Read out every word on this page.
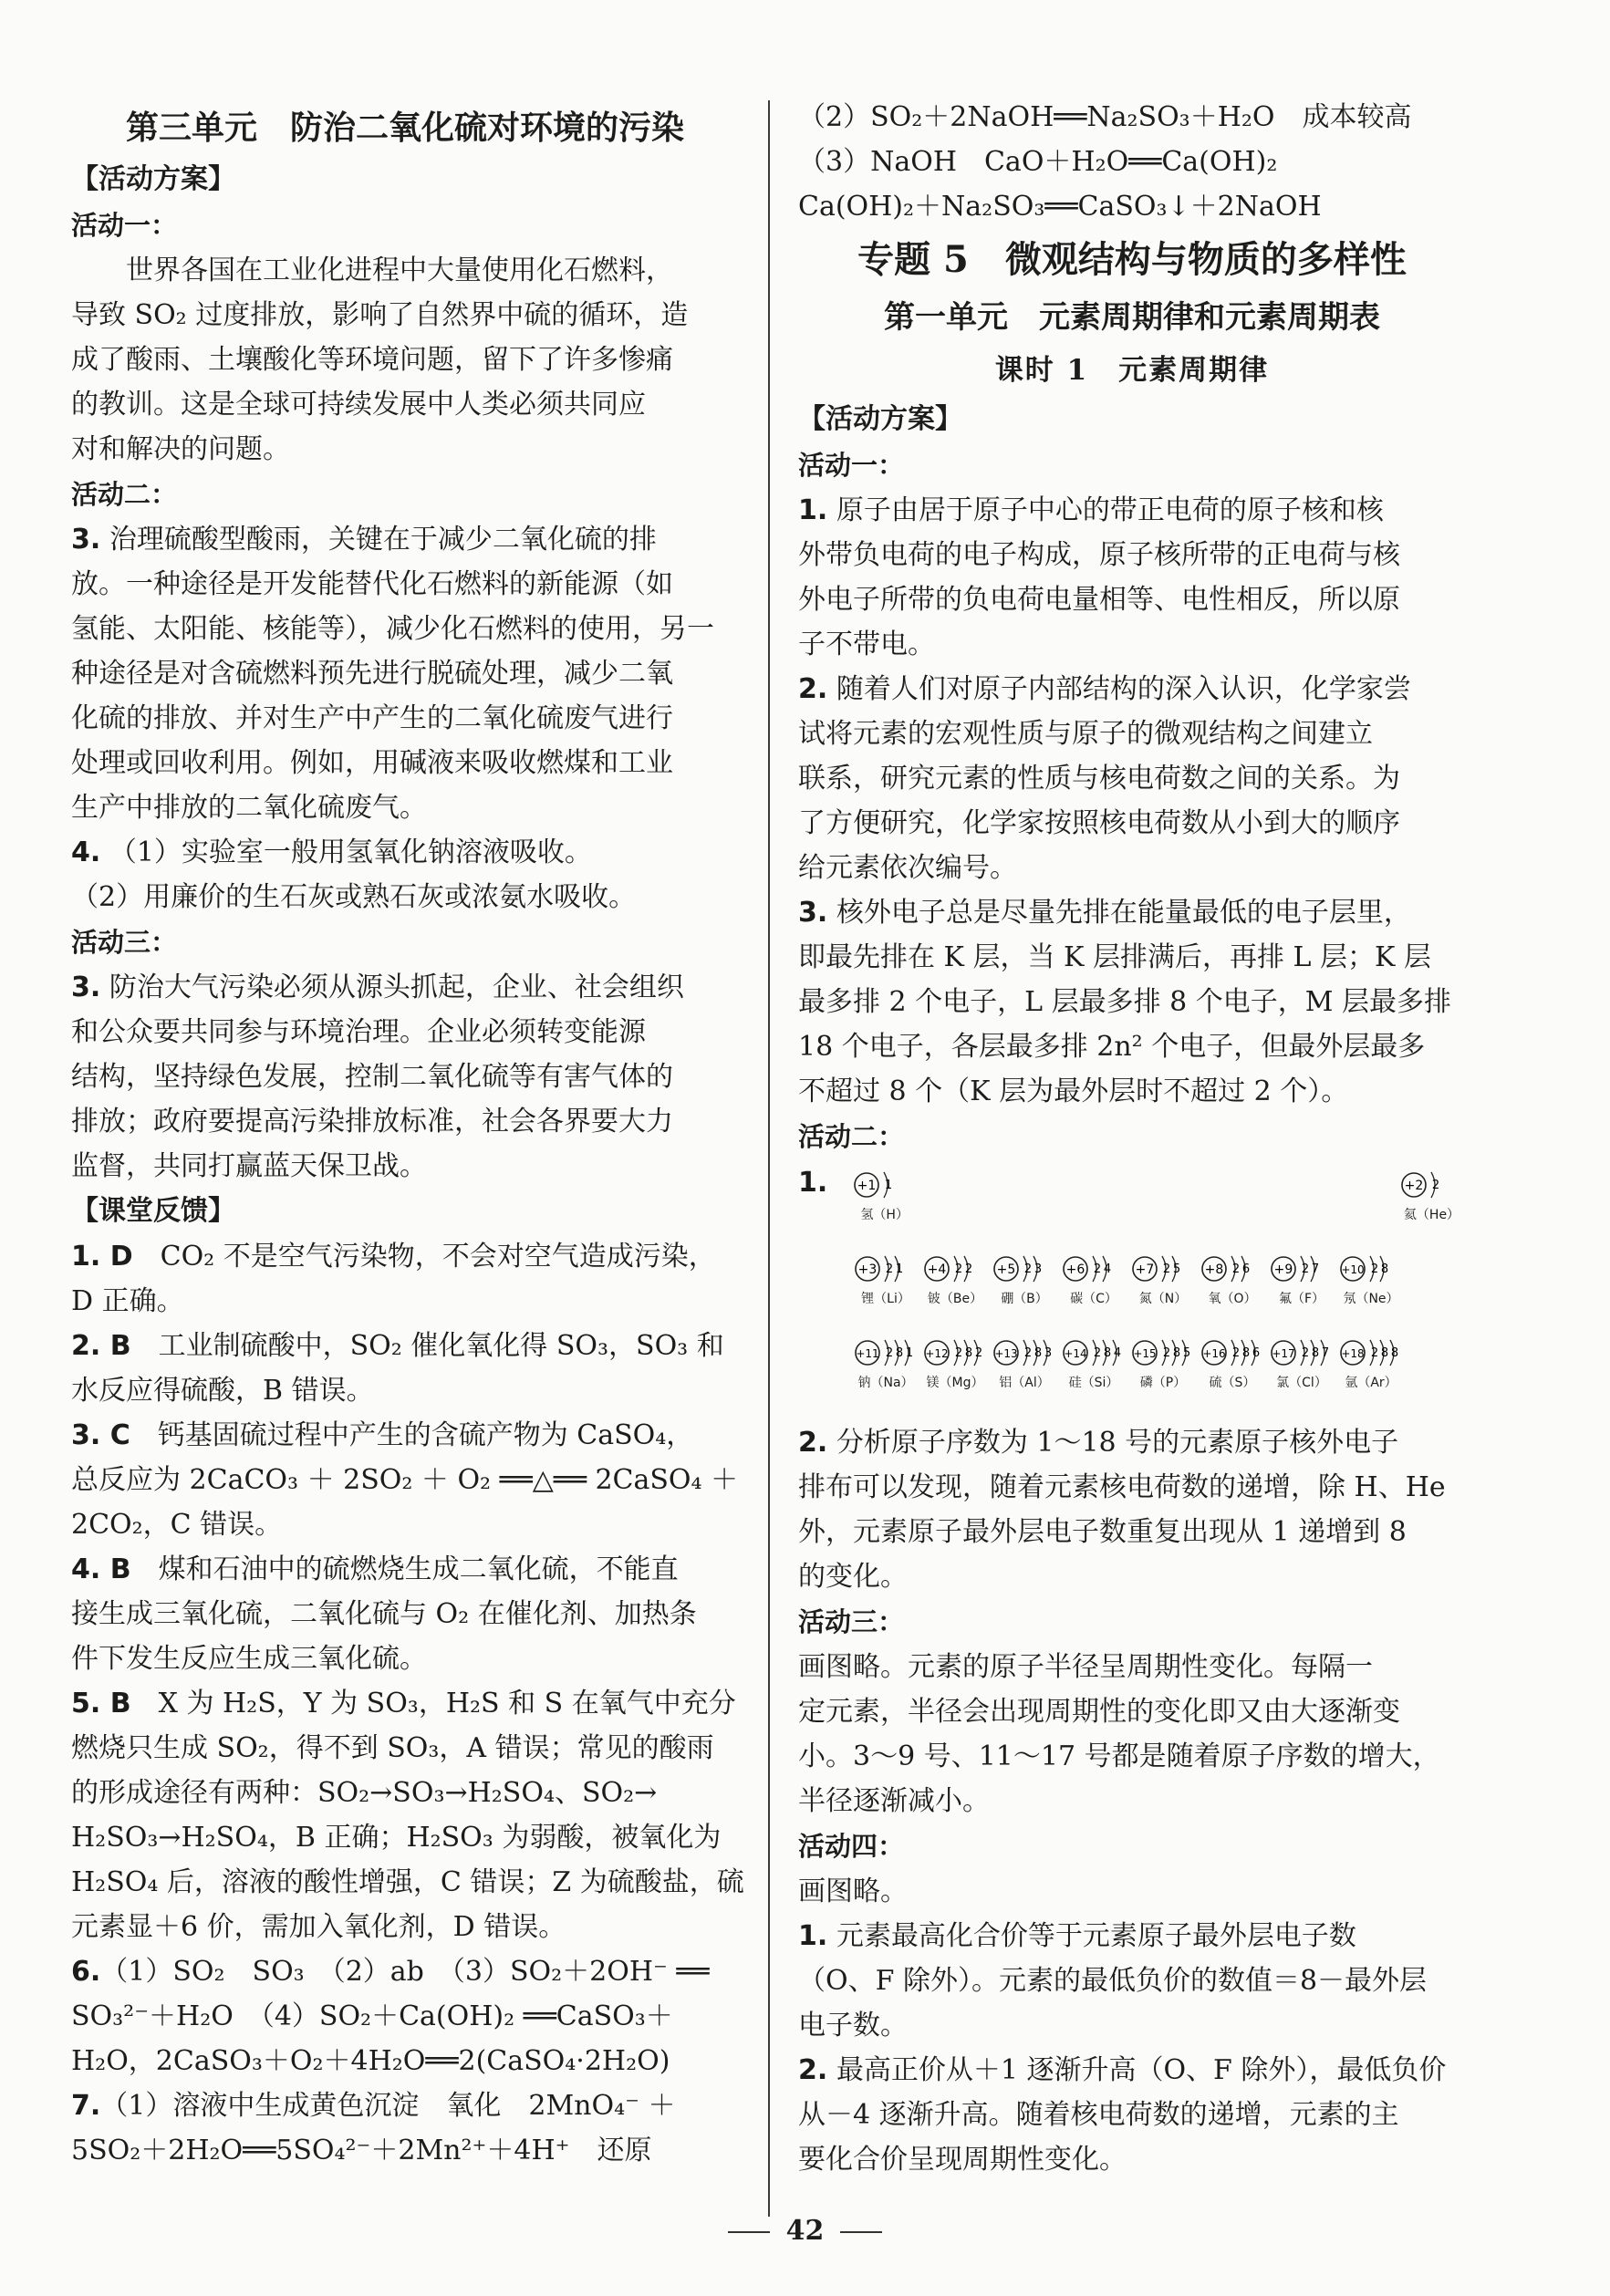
第三单元　防治二氧化硫对环境的污染
【活动方案】
活动一：
世界各国在工业化进程中大量使用化石燃料，
导致 SO₂ 过度排放，影响了自然界中硫的循环，造
成了酸雨、土壤酸化等环境问题，留下了许多惨痛
的教训。这是全球可持续发展中人类必须共同应
对和解决的问题。
活动二：
3. 治理硫酸型酸雨，关键在于减少二氧化硫的排
放。一种途径是开发能替代化石燃料的新能源（如
氢能、太阳能、核能等），减少化石燃料的使用，另一
种途径是对含硫燃料预先进行脱硫处理，减少二氧
化硫的排放、并对生产中产生的二氧化硫废气进行
处理或回收利用。例如，用碱液来吸收燃煤和工业
生产中排放的二氧化硫废气。
4. （1）实验室一般用氢氧化钠溶液吸收。
（2）用廉价的生石灰或熟石灰或浓氨水吸收。
活动三：
3. 防治大气污染必须从源头抓起，企业、社会组织
和公众要共同参与环境治理。企业必须转变能源
结构，坚持绿色发展，控制二氧化硫等有害气体的
排放；政府要提高污染排放标准，社会各界要大力
监督，共同打赢蓝天保卫战。
【课堂反馈】
1. D　 CO₂ 不是空气污染物，不会对空气造成污染，
D 正确。
2. B　 工业制硫酸中，SO₂ 催化氧化得 SO₃，SO₃ 和
水反应得硫酸，B 错误。
3. C　 钙基固硫过程中产生的含硫产物为 CaSO₄，
总反应为 2CaCO₃ ＋ 2SO₂ ＋ O₂ ══△══ 2CaSO₄ ＋
2CO₂，C 错误。
4. B　 煤和石油中的硫燃烧生成二氧化硫，不能直
接生成三氧化硫，二氧化硫与 O₂ 在催化剂、加热条
件下发生反应生成三氧化硫。
5. B　 X 为 H₂S，Y 为 SO₃，H₂S 和 S 在氧气中充分
燃烧只生成 SO₂，得不到 SO₃，A 错误；常见的酸雨
的形成途径有两种：SO₂→SO₃→H₂SO₄、SO₂→
H₂SO₃→H₂SO₄，B 正确；H₂SO₃ 为弱酸，被氧化为
H₂SO₄ 后，溶液的酸性增强，C 错误；Z 为硫酸盐，硫
元素显＋6 价，需加入氧化剂，D 错误。
6.（1）SO₂　SO₃　（2）ab　（3）SO₂＋2OH⁻ ══
SO₃²⁻＋H₂O　（4）SO₂＋Ca(OH)₂ ══CaSO₃＋
H₂O，2CaSO₃＋O₂＋4H₂O══2(CaSO₄·2H₂O)
7.（1）溶液中生成黄色沉淀　氧化　2MnO₄⁻ ＋
5SO₂＋2H₂O══5SO₄²⁻＋2Mn²⁺＋4H⁺　还原
（2）SO₂＋2NaOH══Na₂SO₃＋H₂O　成本较高
（3）NaOH　CaO＋H₂O══Ca(OH)₂
Ca(OH)₂＋Na₂SO₃══CaSO₃↓＋2NaOH
专题 5　微观结构与物质的多样性
第一单元　元素周期律和元素周期表
课时 1　元素周期律
【活动方案】
活动一：
1. 原子由居于原子中心的带正电荷的原子核和核
外带负电荷的电子构成，原子核所带的正电荷与核
外电子所带的负电荷电量相等、电性相反，所以原
子不带电。
2. 随着人们对原子内部结构的深入认识，化学家尝
试将元素的宏观性质与原子的微观结构之间建立
联系，研究元素的性质与核电荷数之间的关系。为
了方便研究，化学家按照核电荷数从小到大的顺序
给元素依次编号。
3. 核外电子总是尽量先排在能量最低的电子层里，
即最先排在 K 层，当 K 层排满后，再排 L 层；K 层
最多排 2 个电子，L 层最多排 8 个电子，M 层最多排
18 个电子，各层最多排 2n² 个电子，但最外层最多
不超过 8 个（K 层为最外层时不超过 2 个）。
活动二：
1.	+1 1
氢（H）
+2 2
氦（He）
+3 2 1
锂（Li）
+4 2 2
铍（Be）
+5 2 3
硼（B）
+6 2 4
碳（C）
+7 2 5
氮（N）
+8 2 6
氧（O）
+9 2 7
氟（F）
+10 2 8
氖（Ne）
+11 2 8 1
钠（Na）
+12 2 8 2
镁（Mg）
+13 2 8 3
铝（Al）
+14 2 8 4
硅（Si）
+15 2 8 5
磷（P）
+16 2 8 6
硫（S）
+17 2 8 7
氯（Cl）
+18 2 8 8
氩（Ar）
2. 分析原子序数为 1～18 号的元素原子核外电子
排布可以发现，随着元素核电荷数的递增，除 H、He
外，元素原子最外层电子数重复出现从 1 递增到 8
的变化。
活动三：
画图略。元素的原子半径呈周期性变化。每隔一
定元素，半径会出现周期性的变化即又由大逐渐变
小。3～9 号、11～17 号都是随着原子序数的增大，
半径逐渐减小。
活动四：
画图略。
1. 元素最高化合价等于元素原子最外层电子数
（O、F 除外）。元素的最低负价的数值＝8－最外层
电子数。
2. 最高正价从＋1 逐渐升高（O、F 除外），最低负价
从－4 逐渐升高。随着核电荷数的递增，元素的主
要化合价呈现周期性变化。
42
